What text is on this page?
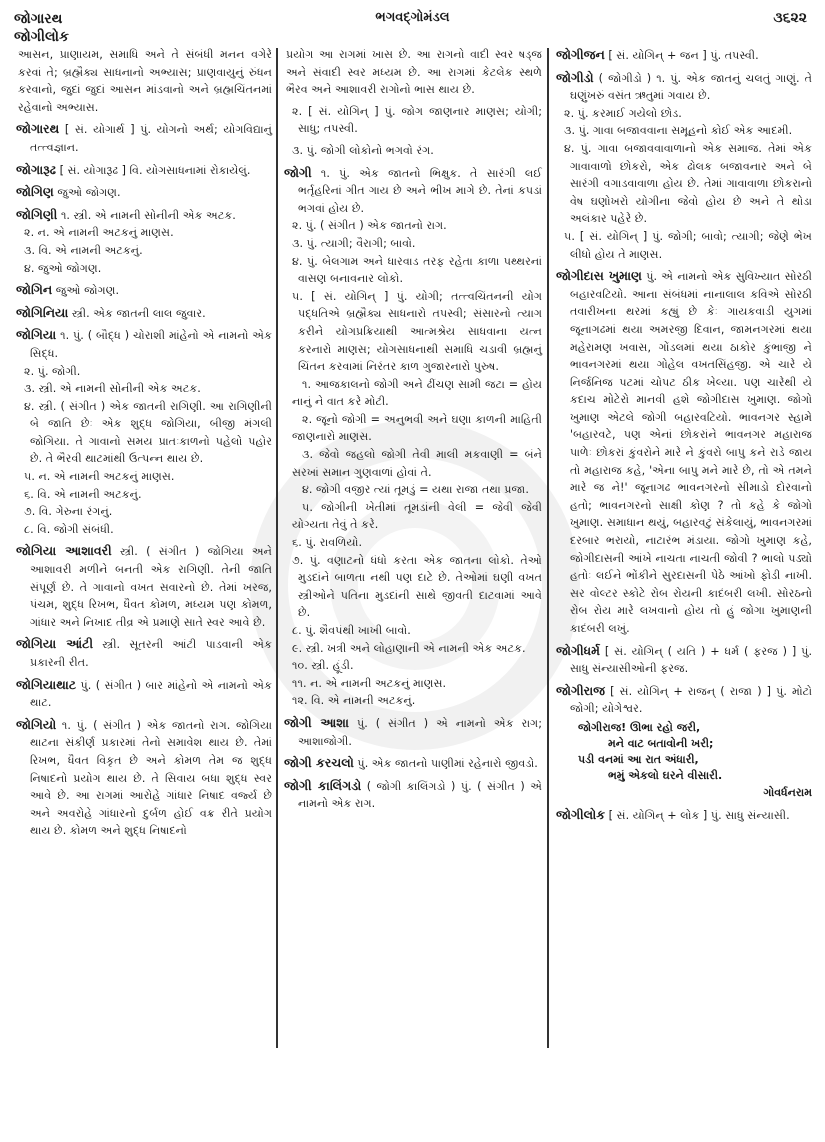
જોગારથ
જોગીલોક
ભગવદ્ગોમંડલ	૩૬૨૨

આસન, પ્રાણાયમ, સમાધિ અને તે સંબંધી મનન વગેરે કરવાં તે; બ્રહ્મૈક્ય સાધનાનો અભ્યાસ; પ્રાણવાયુનું રુંધન કરવાનો, જુદાં જુદાં આસન માંડવાનો અને બ્રહ્મચિંતનમાં રહેવાનો અભ્યાસ.

જોગારથ [ સં. યોગાર્થ ] પું. યોગનો અર્થ; યોગવિદ્યાનું તત્ત્વજ્ઞાન.

જોગારૂઢ [ સં. યોગારૂઢ ] વિ. યોગસાધનામાં રોકાયેલું.

જોગિણ જુઓ જોગણ.

જોગિણી ૧. સ્ત્રી. એ નામની સોનીની એક અટક.

૨. ન. એ નામની અટકનું માણસ.

૩. વિ. એ નામની અટકનું.

૪. જુઓ જોગણ.

જોગિન જુઓ જોગણ.

જોગિનિયા સ્ત્રી. એક જાતની લાલ જુવાર.

જોગિયા ૧. પું. ( બૌદ્ધ ) ચોરાશી માંહેનો એ નામનો એક સિદ્ધ.

૨. પું. જોગી.

૩. સ્ત્રી. એ નામની સોનીની એક અટક.

૪. સ્ત્રી. ( સંગીત ) એક જાતની રાગિણી. આ રાગિણીની બે જાતિ છેઃ એક શુદ્ધ જોગિયા, બીજી મંગલી જોગિયા. તે ગાવાનો સમય પ્રાતઃકાળનો પહેલો પહોર છે. તે ભૈરવી થાટમાંથી ઉત્પન્ન થાય છે.

૫. ન. એ નામની અટકનું માણસ.

૬. વિ. એ નામની અટકનું.

૭. વિ. ગેરુના રંગનું.

૮. વિ. જોગી સંબંધી.

જોગિયા આશાવરી સ્ત્રી. ( સંગીત ) જોગિયા અને આશાવરી મળીને બનતી એક રાગિણી. તેની જાતિ સંપૂર્ણ છે. તે ગાવાનો વખત સવારનો છે. તેમાં ખરજ, પંચમ, શુદ્ધ રિખભ, ધૈવત કોમળ, મધ્યમ પણ કોમળ, ગાંધાર અને નિખાદ તીવ્ર એ પ્રમાણે સાતે સ્વર આવે છે.

જોગિયા આંટી સ્ત્રી. સૂતરની આંટી પાડવાની એક પ્રકારની રીત.

જોગિયાથાટ પું. ( સંગીત ) બાર માંહેનો એ નામનો એક થાટ.

જોગિયો ૧. પું. ( સંગીત ) એક જાતનો રાગ. જોગિયા થાટના સંકીર્ણ પ્રકારમાં તેનો સમાવેશ થાય છે. તેમાં રિખભ, ધૈવત વિકૃત છે અને કોમળ તેમ જ શુદ્ધ નિષાદનો પ્રયોગ થાય છે. તે સિવાય બધા શુદ્ધ સ્વર આવે છે. આ રાગમાં આરોહે ગાંધાર નિષાદ વર્જ્ય છે અને અવરોહે ગાંધારનો દુર્બળ હોઈ વક્ર રીતે પ્રયોગ થાય છે. કોમળ અને શુદ્ધ નિષાદનો

પ્રયોગ આ રાગમાં ખાસ છે. આ રાગનો વાદી સ્વર ષડ્જ અને સંવાદી સ્વર મધ્યમ છે. આ રાગમાં કેટલેક સ્થળે ભૈરવ અને આશાવરી રાગોનો ભાસ થાય છે.

૨. [ સં. યોગિન્ ] પું. જોગ જાણનાર માણસ; યોગી; સાધુ; તપસ્વી.

૩. પું. જોગી લોકોનો ભગવો રંગ.

જોગી ૧. પું. એક જાતનો ભિક્ષુક. તે સારંગી લઈ ભર્તૃહરિનાં ગીત ગાય છે અને ભીખ માગે છે. તેનાં કપડાં ભગવાં હોય છે.

૨. પું. ( સંગીત ) એક જાતનો રાગ.

૩. પું. ત્યાગી; વૈરાગી; બાવો.

૪. પું. બેલગામ અને ધારવાડ તરફ રહેતા કાળા પથ્થરનાં વાસણ બનાવનાર લોકો.

૫. [ સં. યોગિન્ ] પું. યોગી; તત્ત્વચિંતનની યોગ પદ્ધતિએ બ્રહ્મૈક્ય સાધનારો તપસ્વી; સંસારનો ત્યાગ કરીને યોગપ્રક્રિયાથી આત્મશ્રેય સાધવાના યત્ન કરનારો માણસ; યોગસાધનાથી સમાધિ ચડાવી બ્રહ્મનું ચિંતન કરવામાં નિરંતર કાળ ગુજારનારો પુરુષ.

૧. આજકાલનો જોગી અને ઢીંચણ સામી જટા = હોય નાનું ને વાત કરે મોટી.

૨. જૂનો જોગી = અનુભવી અને ઘણા કાળની માહિતી જાણનારો માણસ.

૩. જેવો જહલો જોગી તેવી માલી મકવાણી = બંને સરખાં સમાન ગુણવાળાં હોવાં તે.

૪. જોગી વજીર ત્યાં તૂમડું = યથા રાજા તથા પ્રજા.

૫. જોગીની ખેતીમાં તૂમડાંની વેલી = જેવી જેવી યોગ્યતા તેવું તે કરે.

૬. પું. રાવળિયો.

૭. પું. વણાટનો ધંધો કરતા એક જાતના લોકો. તેઓ મુડદાંને બાળતા નથી પણ દાટે છે. તેઓમાં ઘણી વખત સ્ત્રીઓને પતિના મુડદાંની સાથે જીવતી દાટવામાં આવે છે.

૮. પું. શૈવપંથી ખાખી બાવો.

૯. સ્ત્રી. ખત્રી અને લોહાણાની એ નામની એક અટક.

૧૦. સ્ત્રી. હૂંડી.

૧૧. ન. એ નામની અટકનું માણસ.

૧૨. વિ. એ નામની અટકનું.

જોગી આશા પું. ( સંગીત ) એ નામનો એક રાગ; આશાજોગી.

જોગી કરચલો પું. એક જાતનો પાણીમાં રહેનારો જીવડો.

જોગી કાલિંગડો ( જોગી કાલિંગડો ) પું. ( સંગીત ) એ નામનો એક રાગ.

જોગીજન [ સં. યોગિન્ + જન ] પું. તપસ્વી.

જોગીડો ( જોગીડો ) ૧. પું. એક જાતનું ચલતું ગાણું. તે ઘણુંખરું વસંત ઋતુમાં ગવાય છે.

૨. પું. કરમાઈ ગયેલો છોડ.

૩. પું. ગાવા બજાવવાના સમૂહનો કોઈ એક આદમી.

૪. પું. ગાવા બજાવવાવાળાનો એક સમાજ. તેમાં એક ગાવાવાળો છોકરો, એક ઢોલક બજાવનાર અને બે સારંગી વગાડવાવાળા હોય છે. તેમાં ગાવાવાળા છોકરાનો વેષ ઘણોખરો યોગીના જેવો હોય છે અને તે થોડા અલંકાર પહેરે છે.

૫. [ સં. યોગિન્ ] પું. જોગી; બાવો; ત્યાગી; જેણે ભેખ લીધો હોય તે માણસ.

જોગીદાસ ખુમાણ પું. એ નામનો એક સુવિખ્યાત સોરઠી બહારવટિયો. આના સંબંધમાં નાનાલાલ કવિએ સોરઠી તવારીખના થરમાં કહ્યું છે કેઃ ગાયકવાડી યુગમાં જૂનાગઢમાં થયા અમરજી દિવાન, જામનગરમાં થયા મહેરામણ ખવાસ, ગોંડલમાં થયા ઠાકોર કુંભાજી ને ભાવનગરમાં થયા ગોહેલ વખતસિંહજી. એ ચારે યે નિર્જનિજ પટમાં ચોપટ ઠીક ખેલ્યા. પણ ચારેથી યે કદાચ મોટેરો માનવી હશે જોગીદાસ ખુમાણ. જોગો ખુમાણ એટલે જોગી બહારવટિયો. ભાવનગર સ્હામે 'બહારવટે, પણ એનાં છોકરાંને ભાવનગર મહારાજ પાળેઃ છોકરાં કુંવરોને મારે ને કુંવરો બાપુ કને રાડે જાય તો મહારાજ કહે, 'એના બાપુ મને મારે છે, તો એ તમને મારે જ ને!' જૂનાગઢ ભાવનગરનો સીમાડો દોરવાનો હતો; ભાવનગરનો સાક્ષી કોણ ? તો કહે કે જોગો ખુમાણ. સમાધાન થયું, બહારવટું સંકેલાયું, ભાવનગરમાં દરબાર ભરાયો, નાટારંભ મંડાયા. જોગો ખુમાણ કહે, જોગીદાસની આંખે નાચતા નાચતી જોવી ? ભાલો પડ્યો હતોઃ લઈને ભોંકીને સુરદાસની પેઠે આંખો ફોડી નાખી. સર વોલ્ટર સ્કોટે રોબ રોયની કાદંબરી લખી. સોરઠનો રોબ રોય મારે લખવાનો હોય તો હું જોગા ખુમાણની કાદંબરી લખું.

જોગીધર્મ [ સં. યોગિન્ ( યતિ ) + ધર્મ ( ફરજ ) ] પું. સાધુ સંન્યાસીઓની ફરજ.

જોગીરાજ [ સં. યોગિન્ + રાજન્ ( રાજા ) ] પું. મોટો જોગી; યોગેશ્વર.

જોગીરાજ! ઊભા રહો જરી,

મને વાટ બતાવોની ખરી;

પડી વનમાં આ રાત અંધારી,

ભમું એકલો ઘરને વીસારી.

ગોવર્ધનરામ

જોગીલોક [ સં. યોગિન્ + લોક ] પું. સાધુ સંન્યાસી.
